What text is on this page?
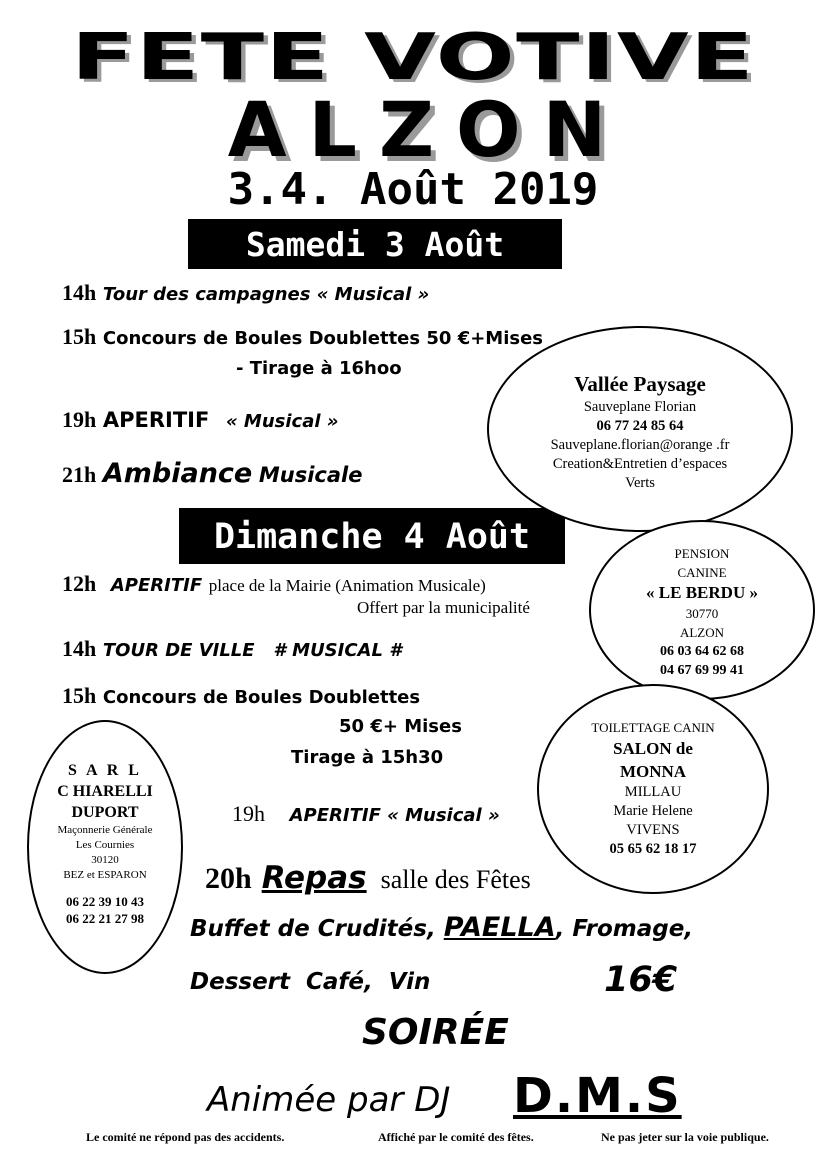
FETE VOTIVE
ALZON
3.4. Août 2019
Samedi 3 Août
14h Tour des campagnes « Musical »
15h Concours de Boules Doublettes 50 €+Mises
- Tirage à 16hoo
19h APERITIF « Musical »
21h Ambiance Musicale
Dimanche 4 Août
12h APERITIF place de la Mairie (Animation Musicale)
Offert par la municipalité
14h TOUR DE VILLE   # MUSICAL #
15h Concours de Boules Doublettes
50 €+ Mises
Tirage à 15h30
19h APERITIF « Musical »
20h Repas salle des Fêtes
Buffet de Crudités, PAELLA, Fromage,
Dessert  Café,  Vin	16€
SOIRÉE
Animée par DJ D.M.S
Vallée Paysage
Sauveplane Florian
06 77 24 85 64
Sauveplane.florian@orange .fr
Creation&Entretien d’espaces
Verts
PENSION
CANINE
« LE BERDU »
30770
ALZON
06 03 64 62 68
04 67 69 99 41
TOILETTAGE CANIN
SALON de
MONNA
MILLAU
Marie Helene
VIVENS
05 65 62 18 17
S A R L
C HIARELLI
DUPORT
Maçonnerie Générale
Les Cournies
30120
BEZ et ESPARON
06 22 39 10 43
06 22 21 27 98
Le comité ne répond pas des accidents.	Affiché par le comité des fêtes.	Ne pas jeter sur la voie publique.
